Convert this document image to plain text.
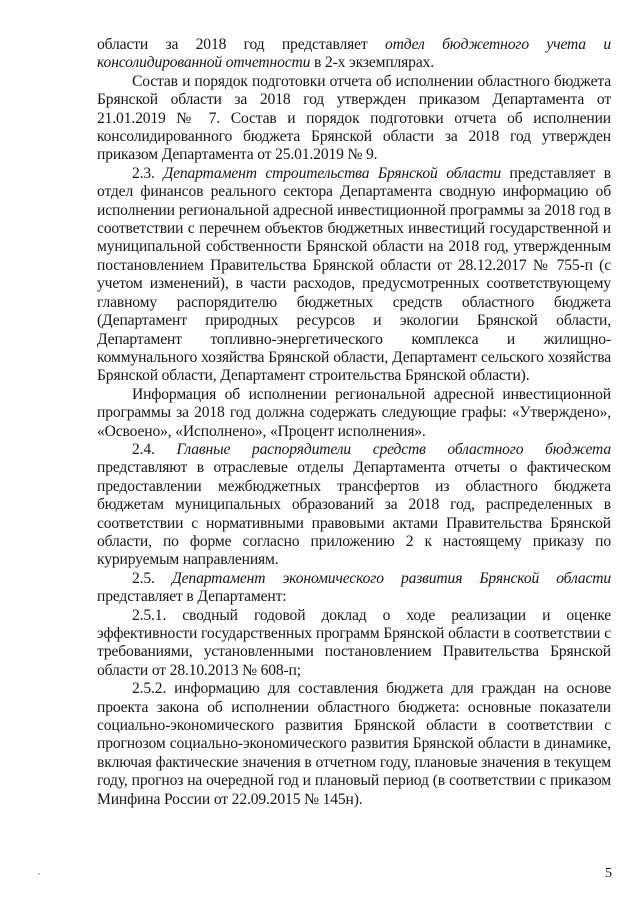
области за 2018 год представляет отдел бюджетного учета и консолидированной отчетности в 2-х экземплярах.

Состав и порядок подготовки отчета об исполнении областного бюджета Брянской области за 2018 год утвержден приказом Департамента от 21.01.2019 № 7. Состав и порядок подготовки отчета об исполнении консолидированного бюджета Брянской области за 2018 год утвержден приказом Департамента от 25.01.2019 № 9.

2.3. Департамент строительства Брянской области представляет в отдел финансов реального сектора Департамента сводную информацию об исполнении региональной адресной инвестиционной программы за 2018 год в соответствии с перечнем объектов бюджетных инвестиций государственной и муниципальной собственности Брянской области на 2018 год, утвержденным постановлением Правительства Брянской области от 28.12.2017 № 755-п (с учетом изменений), в части расходов, предусмотренных соответствующему главному распорядителю бюджетных средств областного бюджета (Департамент природных ресурсов и экологии Брянской области, Департамент топливно-энергетического комплекса и жилищно-коммунального хозяйства Брянской области, Департамент сельского хозяйства Брянской области, Департамент строительства Брянской области).

Информация об исполнении региональной адресной инвестиционной программы за 2018 год должна содержать следующие графы: «Утверждено», «Освоено», «Исполнено», «Процент исполнения».

2.4. Главные распорядители средств областного бюджета представляют в отраслевые отделы Департамента отчеты о фактическом предоставлении межбюджетных трансфертов из областного бюджета бюджетам муниципальных образований за 2018 год, распределенных в соответствии с нормативными правовыми актами Правительства Брянской области, по форме согласно приложению 2 к настоящему приказу по курируемым направлениям.

2.5. Департамент экономического развития Брянской области представляет в Департамент:

2.5.1. сводный годовой доклад о ходе реализации и оценке эффективности государственных программ Брянской области в соответствии с требованиями, установленными постановлением Правительства Брянской области от 28.10.2013 № 608-п;

2.5.2. информацию для составления бюджета для граждан на основе проекта закона об исполнении областного бюджета: основные показатели социально-экономического развития Брянской области в соответствии с прогнозом социально-экономического развития Брянской области в динамике, включая фактические значения в отчетном году, плановые значения в текущем году, прогноз на очередной год и плановый период (в соответствии с приказом Минфина России от 22.09.2015 № 145н).

5
